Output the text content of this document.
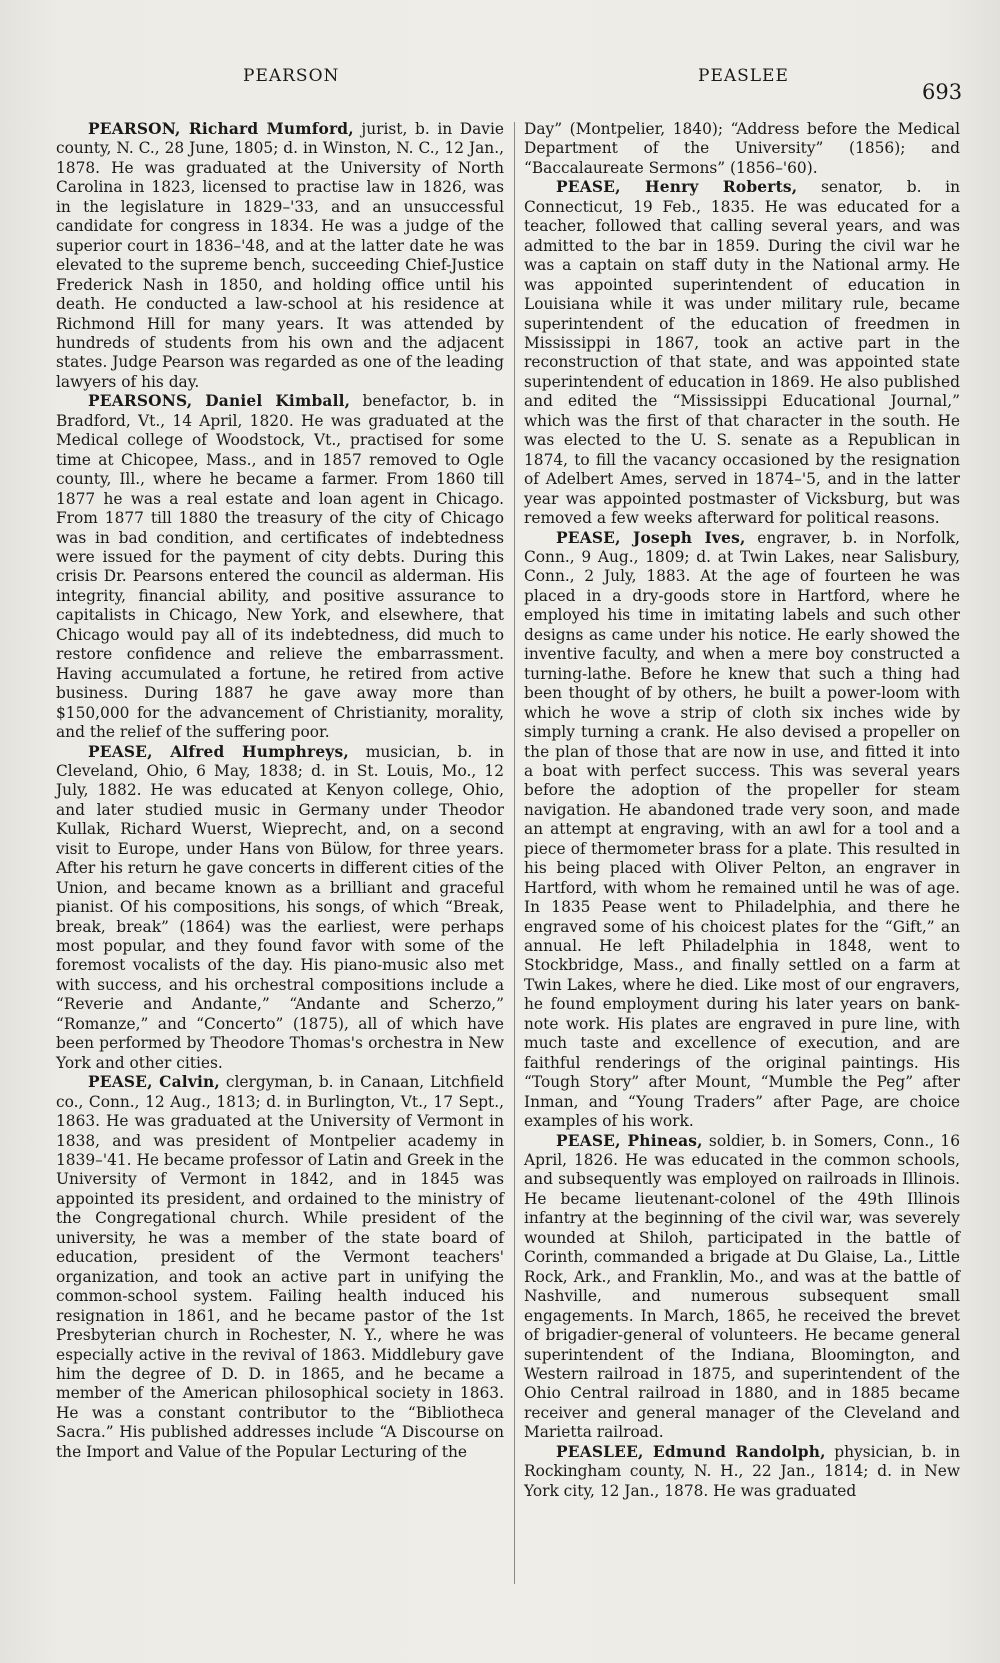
PEARSON	PEASLEE
693

PEARSON, Richard Mumford, jurist, b. in Davie county, N. C., 28 June, 1805; d. in Winston, N. C., 12 Jan., 1878. He was graduated at the University of North Carolina in 1823, licensed to practise law in 1826, was in the legislature in 1829–'33, and an unsuccessful candidate for congress in 1834. He was a judge of the superior court in 1836–'48, and at the latter date he was elevated to the supreme bench, succeeding Chief-Justice Frederick Nash in 1850, and holding office until his death. He conducted a law-school at his residence at Richmond Hill for many years. It was attended by hundreds of students from his own and the adjacent states. Judge Pearson was regarded as one of the leading lawyers of his day.

PEARSONS, Daniel Kimball, benefactor, b. in Bradford, Vt., 14 April, 1820. He was graduated at the Medical college of Woodstock, Vt., practised for some time at Chicopee, Mass., and in 1857 removed to Ogle county, Ill., where he became a farmer. From 1860 till 1877 he was a real estate and loan agent in Chicago. From 1877 till 1880 the treasury of the city of Chicago was in bad condition, and certificates of indebtedness were issued for the payment of city debts. During this crisis Dr. Pearsons entered the council as alderman. His integrity, financial ability, and positive assurance to capitalists in Chicago, New York, and elsewhere, that Chicago would pay all of its indebtedness, did much to restore confidence and relieve the embarrassment. Having accumulated a fortune, he retired from active business. During 1887 he gave away more than $150,000 for the advancement of Christianity, morality, and the relief of the suffering poor.

PEASE, Alfred Humphreys, musician, b. in Cleveland, Ohio, 6 May, 1838; d. in St. Louis, Mo., 12 July, 1882. He was educated at Kenyon college, Ohio, and later studied music in Germany under Theodor Kullak, Richard Wuerst, Wieprecht, and, on a second visit to Europe, under Hans von Bülow, for three years. After his return he gave concerts in different cities of the Union, and became known as a brilliant and graceful pianist. Of his compositions, his songs, of which “Break, break, break” (1864) was the earliest, were perhaps most popular, and they found favor with some of the foremost vocalists of the day. His piano-music also met with success, and his orchestral compositions include a “Reverie and Andante,” “Andante and Scherzo,” “Romanze,” and “Concerto” (1875), all of which have been performed by Theodore Thomas's orchestra in New York and other cities.

PEASE, Calvin, clergyman, b. in Canaan, Litchfield co., Conn., 12 Aug., 1813; d. in Burlington, Vt., 17 Sept., 1863. He was graduated at the University of Vermont in 1838, and was president of Montpelier academy in 1839–'41. He became professor of Latin and Greek in the University of Vermont in 1842, and in 1845 was appointed its president, and ordained to the ministry of the Congregational church. While president of the university, he was a member of the state board of education, president of the Vermont teachers' organization, and took an active part in unifying the common-school system. Failing health induced his resignation in 1861, and he became pastor of the 1st Presbyterian church in Rochester, N. Y., where he was especially active in the revival of 1863. Middlebury gave him the degree of D. D. in 1865, and he became a member of the American philosophical society in 1863. He was a constant contributor to the “Bibliotheca Sacra.” His published addresses include “A Discourse on the Import and Value of the Popular Lecturing of the

Day” (Montpelier, 1840); “Address before the Medical Department of the University” (1856); and “Baccalaureate Sermons” (1856–'60).

PEASE, Henry Roberts, senator, b. in Connecticut, 19 Feb., 1835. He was educated for a teacher, followed that calling several years, and was admitted to the bar in 1859. During the civil war he was a captain on staff duty in the National army. He was appointed superintendent of education in Louisiana while it was under military rule, became superintendent of the education of freedmen in Mississippi in 1867, took an active part in the reconstruction of that state, and was appointed state superintendent of education in 1869. He also published and edited the “Mississippi Educational Journal,” which was the first of that character in the south. He was elected to the U. S. senate as a Republican in 1874, to fill the vacancy occasioned by the resignation of Adelbert Ames, served in 1874–'5, and in the latter year was appointed postmaster of Vicksburg, but was removed a few weeks afterward for political reasons.

PEASE, Joseph Ives, engraver, b. in Norfolk, Conn., 9 Aug., 1809; d. at Twin Lakes, near Salisbury, Conn., 2 July, 1883. At the age of fourteen he was placed in a dry-goods store in Hartford, where he employed his time in imitating labels and such other designs as came under his notice. He early showed the inventive faculty, and when a mere boy constructed a turning-lathe. Before he knew that such a thing had been thought of by others, he built a power-loom with which he wove a strip of cloth six inches wide by simply turning a crank. He also devised a propeller on the plan of those that are now in use, and fitted it into a boat with perfect success. This was several years before the adoption of the propeller for steam navigation. He abandoned trade very soon, and made an attempt at engraving, with an awl for a tool and a piece of thermometer brass for a plate. This resulted in his being placed with Oliver Pelton, an engraver in Hartford, with whom he remained until he was of age. In 1835 Pease went to Philadelphia, and there he engraved some of his choicest plates for the “Gift,” an annual. He left Philadelphia in 1848, went to Stockbridge, Mass., and finally settled on a farm at Twin Lakes, where he died. Like most of our engravers, he found employment during his later years on bank-note work. His plates are engraved in pure line, with much taste and excellence of execution, and are faithful renderings of the original paintings. His “Tough Story” after Mount, “Mumble the Peg” after Inman, and “Young Traders” after Page, are choice examples of his work.

PEASE, Phineas, soldier, b. in Somers, Conn., 16 April, 1826. He was educated in the common schools, and subsequently was employed on railroads in Illinois. He became lieutenant-colonel of the 49th Illinois infantry at the beginning of the civil war, was severely wounded at Shiloh, participated in the battle of Corinth, commanded a brigade at Du Glaise, La., Little Rock, Ark., and Franklin, Mo., and was at the battle of Nashville, and numerous subsequent small engagements. In March, 1865, he received the brevet of brigadier-general of volunteers. He became general superintendent of the Indiana, Bloomington, and Western railroad in 1875, and superintendent of the Ohio Central railroad in 1880, and in 1885 became receiver and general manager of the Cleveland and Marietta railroad.

PEASLEE, Edmund Randolph, physician, b. in Rockingham county, N. H., 22 Jan., 1814; d. in New York city, 12 Jan., 1878. He was graduated
